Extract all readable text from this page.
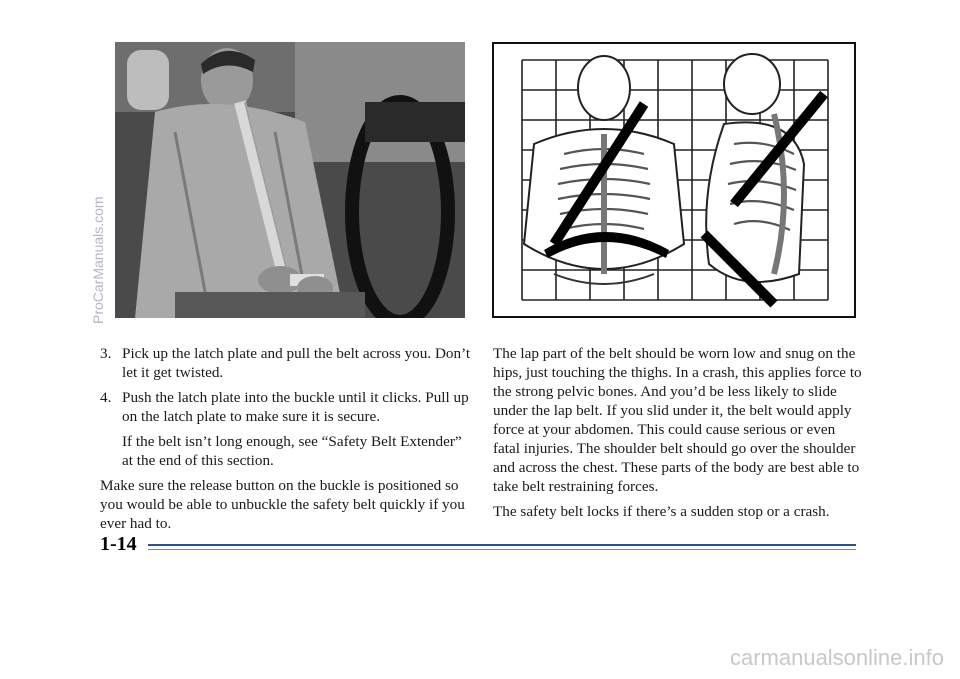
3. Pick up the latch plate and pull the belt across you. Don’t let it get twisted.
4. Push the latch plate into the buckle until it clicks. Pull up on the latch plate to make sure it is secure.

If the belt isn’t long enough, see “Safety Belt Extender” at the end of this section.

Make sure the release button on the buckle is positioned so you would be able to unbuckle the safety belt quickly if you ever had to.

The lap part of the belt should be worn low and snug on the hips, just touching the thighs. In a crash, this applies force to the strong pelvic bones. And you’d be less likely to slide under the lap belt. If you slid under it, the belt would apply force at your abdomen. This could cause serious or even fatal injuries. The shoulder belt should go over the shoulder and across the chest. These parts of the body are best able to take belt restraining forces.

The safety belt locks if there’s a sudden stop or a crash.

1-14
ProCarManuals.com
carmanualsonline.info
